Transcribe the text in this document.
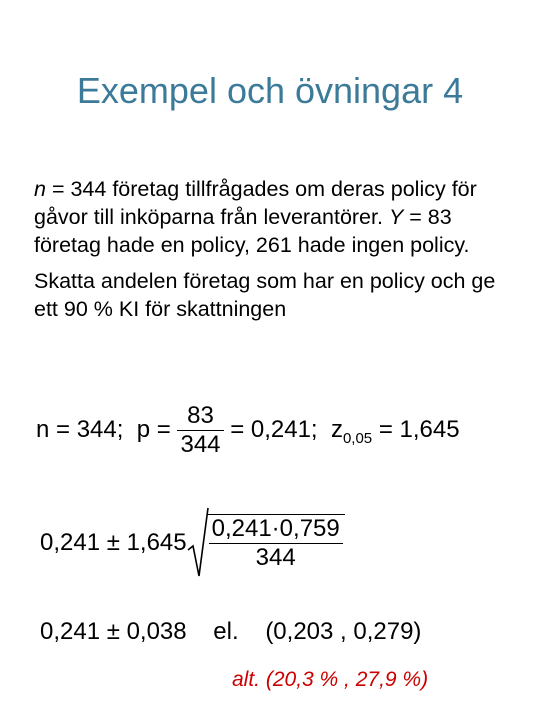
Exempel och övningar 4

n = 344 företag tillfrågades om deras policy för gåvor till inköparna från leverantörer. Y = 83 företag hade en policy, 261 hade ingen policy.

Skatta andelen företag som har en policy och ge ett 90 % KI för skattningen

n = 344; $p = \frac{83}{344} = 0,241$; $z_{0,05} = 1,645$
$0,241 \pm 1,645 \frac{0,241\cdot 0,759}{344}$
0,241 ± 0,038    el.    (0,203 , 0,279)
alt. (20,3 % , 27,9 %)
